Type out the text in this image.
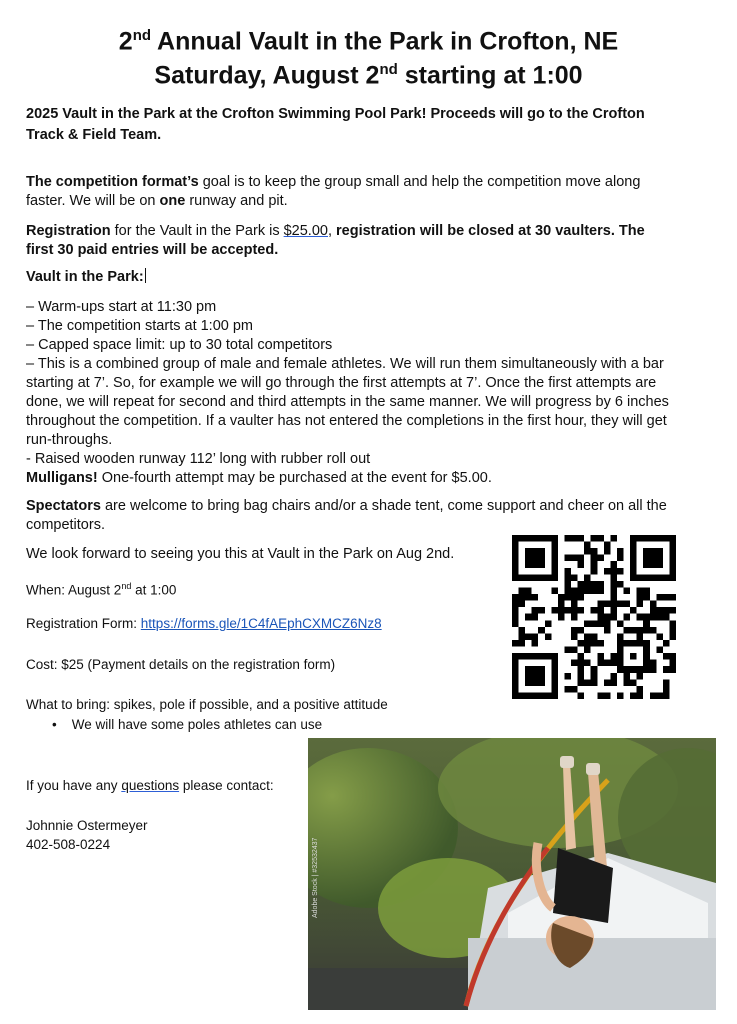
2nd Annual Vault in the Park in Crofton, NE
Saturday, August 2nd starting at 1:00
2025 Vault in the Park at the Crofton Swimming Pool Park! Proceeds will go to the Crofton Track & Field Team.
The competition format’s goal is to keep the group small and help the competition move along faster. We will be on one runway and pit.
Registration for the Vault in the Park is $25.00, registration will be closed at 30 vaulters. The first 30 paid entries will be accepted.
Vault in the Park:
– Warm-ups start at 11:30 pm
– The competition starts at 1:00 pm
– Capped space limit: up to 30 total competitors
– This is a combined group of male and female athletes. We will run them simultaneously with a bar starting at 7’. So, for example we will go through the first attempts at 7’. Once the first attempts are done, we will repeat for second and third attempts in the same manner. We will progress by 6 inches throughout the competition. If a vaulter has not entered the completions in the first hour, they will get run-throughs.
- Raised wooden runway 112’ long with rubber roll out
Mulligans! One-fourth attempt may be purchased at the event for $5.00.
Spectators are welcome to bring bag chairs and/or a shade tent, come support and cheer on all the competitors.
We look forward to seeing you this at Vault in the Park on Aug 2nd.
When: August 2nd at 1:00
Registration Form: https://forms.gle/1C4fAEphCXMCZ6Nz8
Cost: $25 (Payment details on the registration form)
What to bring: spikes, pole if possible, and a positive attitude
• We will have some poles athletes can use
If you have any questions please contact:
Johnnie Ostermeyer
402-508-0224	Adobe Stock | #32532437
